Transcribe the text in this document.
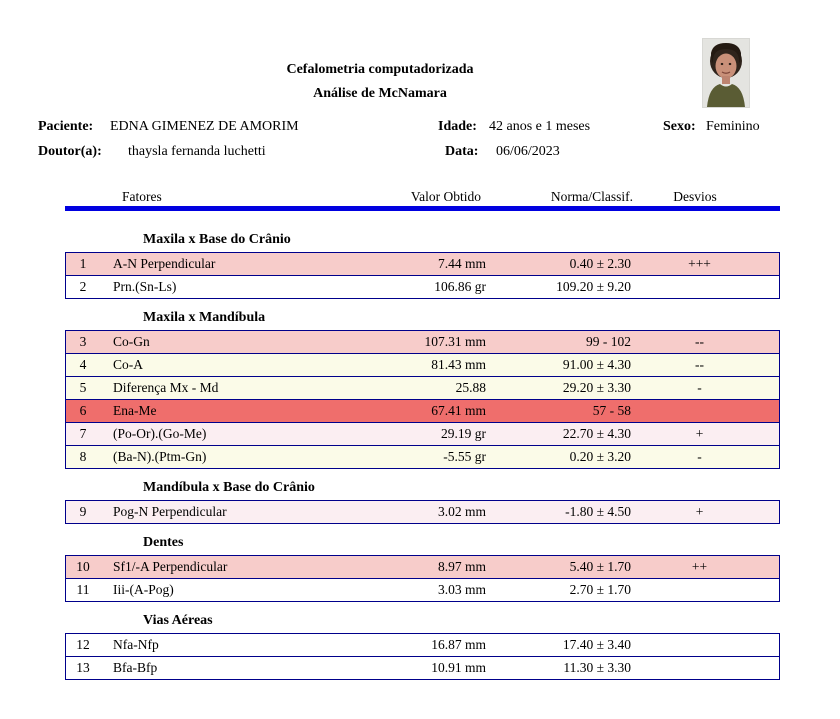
Cefalometria computadorizada
Análise de McNamara
Paciente: EDNA GIMENEZ DE AMORIM	Idade: 42 anos e 1 meses	Sexo: Feminino
Doutor(a): thaysla fernanda luchetti	Data: 06/06/2023
Fatores	Valor Obtido	Norma/Classif.	Desvios
Maxila x Base do Crânio
1	A-N Perpendicular	7.44 mm	0.40 ± 2.30	+++
2	Prn.(Sn-Ls)	106.86 gr	109.20 ± 9.20
Maxila x Mandíbula
3	Co-Gn	107.31 mm	99 - 102	--
4	Co-A	81.43 mm	91.00 ± 4.30	--
5	Diferença Mx - Md	25.88	29.20 ± 3.30	-
6	Ena-Me	67.41 mm	57 - 58
7	(Po-Or).(Go-Me)	29.19 gr	22.70 ± 4.30	+
8	(Ba-N).(Ptm-Gn)	-5.55 gr	0.20 ± 3.20	-
Mandíbula x Base do Crânio
9	Pog-N Perpendicular	3.02 mm	-1.80 ± 4.50	+
Dentes
10	Sf1/-A Perpendicular	8.97 mm	5.40 ± 1.70	++
11	Iii-(A-Pog)	3.03 mm	2.70 ± 1.70
Vias Aéreas
12	Nfa-Nfp	16.87 mm	17.40 ± 3.40
13	Bfa-Bfp	10.91 mm	11.30 ± 3.30
